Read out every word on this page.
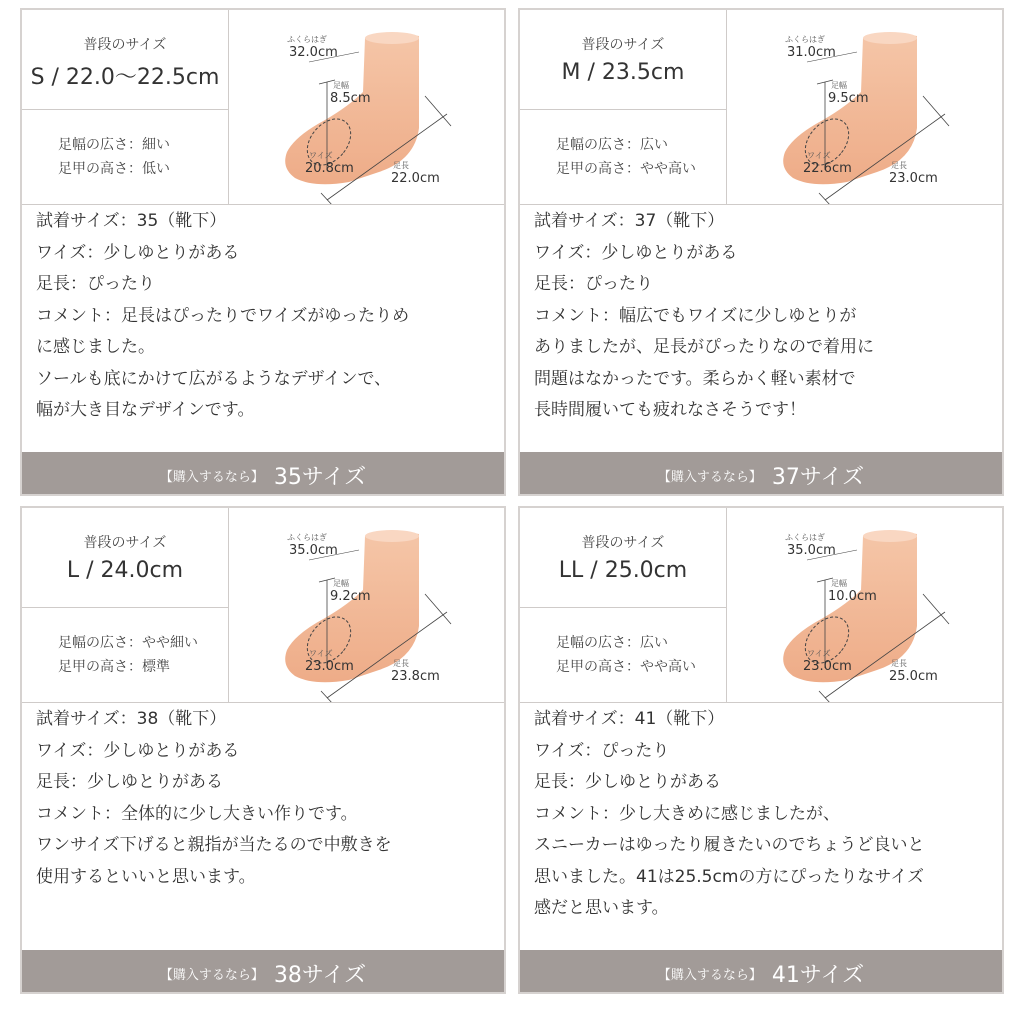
普段のサイズ
S / 22.0〜22.5cm
足幅の広さ：細い
足甲の高さ：低い
ふくらはぎ
32.0cm
足幅
8.5cm
ワイズ
20.8cm	足長
22.0cm
試着サイズ：35（靴下）
ワイズ：少しゆとりがある
足長：ぴったり
コメント：足長はぴったりでワイズがゆったりめ
に感じました。
ソールも底にかけて広がるようなデザインで、
幅が大き目なデザインです。
【購入するなら】 35サイズ
普段のサイズ
M / 23.5cm
足幅の広さ：広い
足甲の高さ：やや高い
ふくらはぎ
31.0cm
足幅
9.5cm
ワイズ
22.6cm	足長
23.0cm
試着サイズ：37（靴下）
ワイズ：少しゆとりがある
足長：ぴったり
コメント：幅広でもワイズに少しゆとりが
ありましたが、足長がぴったりなので着用に
問題はなかったです。柔らかく軽い素材で
長時間履いても疲れなさそうです！
【購入するなら】 37サイズ
普段のサイズ
L / 24.0cm
足幅の広さ：やや細い
足甲の高さ：標準
ふくらはぎ
35.0cm
足幅
9.2cm
ワイズ
23.0cm	足長
23.8cm
試着サイズ：38（靴下）
ワイズ：少しゆとりがある
足長：少しゆとりがある
コメント：全体的に少し大きい作りです。
ワンサイズ下げると親指が当たるので中敷きを
使用するといいと思います。
【購入するなら】 38サイズ
普段のサイズ
LL / 25.0cm
足幅の広さ：広い
足甲の高さ：やや高い
ふくらはぎ
35.0cm
足幅
10.0cm
ワイズ
23.0cm	足長
25.0cm
試着サイズ：41（靴下）
ワイズ：ぴったり
足長：少しゆとりがある
コメント：少し大きめに感じましたが、
スニーカーはゆったり履きたいのでちょうど良いと
思いました。41は25.5cmの方にぴったりなサイズ
感だと思います。
【購入するなら】 41サイズ
